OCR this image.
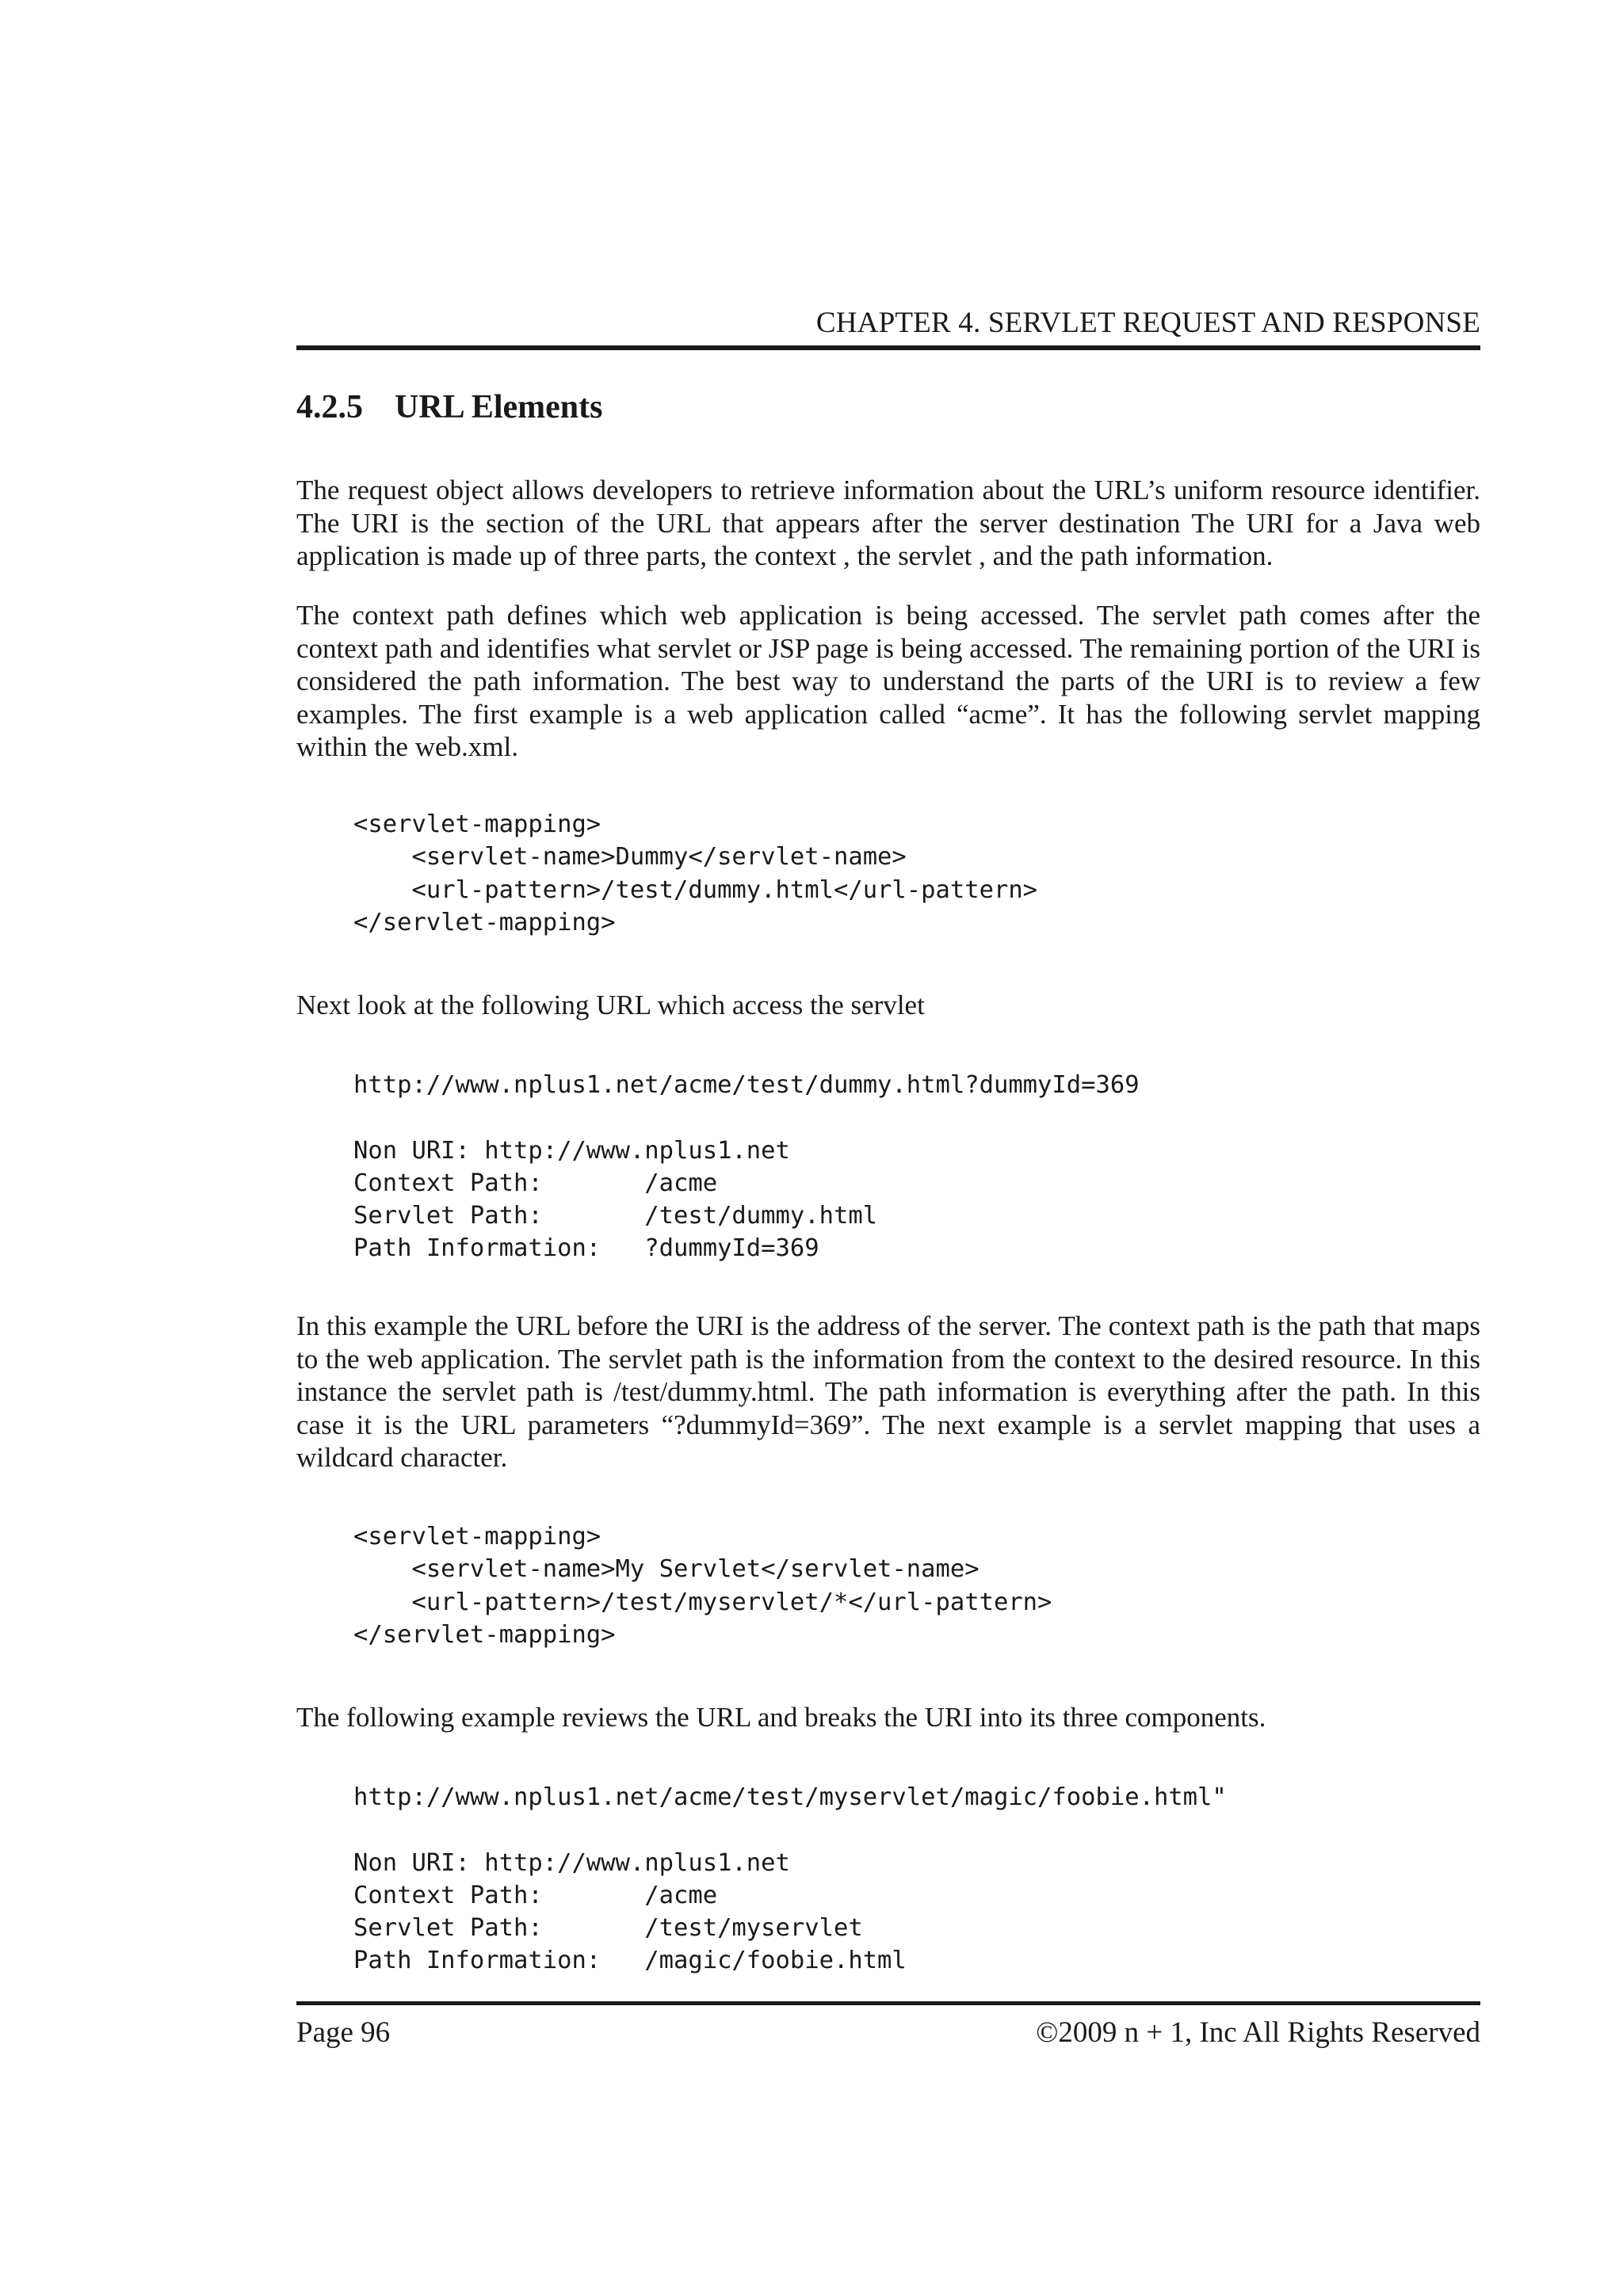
CHAPTER 4. SERVLET REQUEST AND RESPONSE
4.2.5 URL Elements
The request object allows developers to retrieve information about the URL’s uniform resource identifier. The URI is the section of the URL that appears after the server destination The URI for a Java web application is made up of three parts, the context , the servlet , and the path information.
The context path defines which web application is being accessed. The servlet path comes after the context path and identifies what servlet or JSP page is being accessed. The remaining portion of the URI is considered the path information. The best way to understand the parts of the URI is to review a few examples. The first example is a web application called “acme”. It has the following servlet mapping within the web.xml.
<servlet-mapping>
<servlet-name>Dummy</servlet-name>
<url-pattern>/test/dummy.html</url-pattern>
</servlet-mapping>
Next look at the following URL which access the servlet
http://www.nplus1.net/acme/test/dummy.html?dummyId=369

Non URI: http://www.nplus1.net
Context Path:       /acme
Servlet Path:       /test/dummy.html
Path Information:   ?dummyId=369
In this example the URL before the URI is the address of the server. The context path is the path that maps to the web application. The servlet path is the information from the context to the desired resource. In this instance the servlet path is /test/dummy.html. The path information is everything after the path. In this case it is the URL parameters “?dummyId=369”. The next example is a servlet mapping that uses a wildcard character.
<servlet-mapping>
<servlet-name>My Servlet</servlet-name>
<url-pattern>/test/myservlet/*</url-pattern>
</servlet-mapping>
The following example reviews the URL and breaks the URI into its three components.
http://www.nplus1.net/acme/test/myservlet/magic/foobie.html"

Non URI: http://www.nplus1.net
Context Path:       /acme
Servlet Path:       /test/myservlet
Path Information:   /magic/foobie.html
Page 96	©2009 n + 1, Inc All Rights Reserved
